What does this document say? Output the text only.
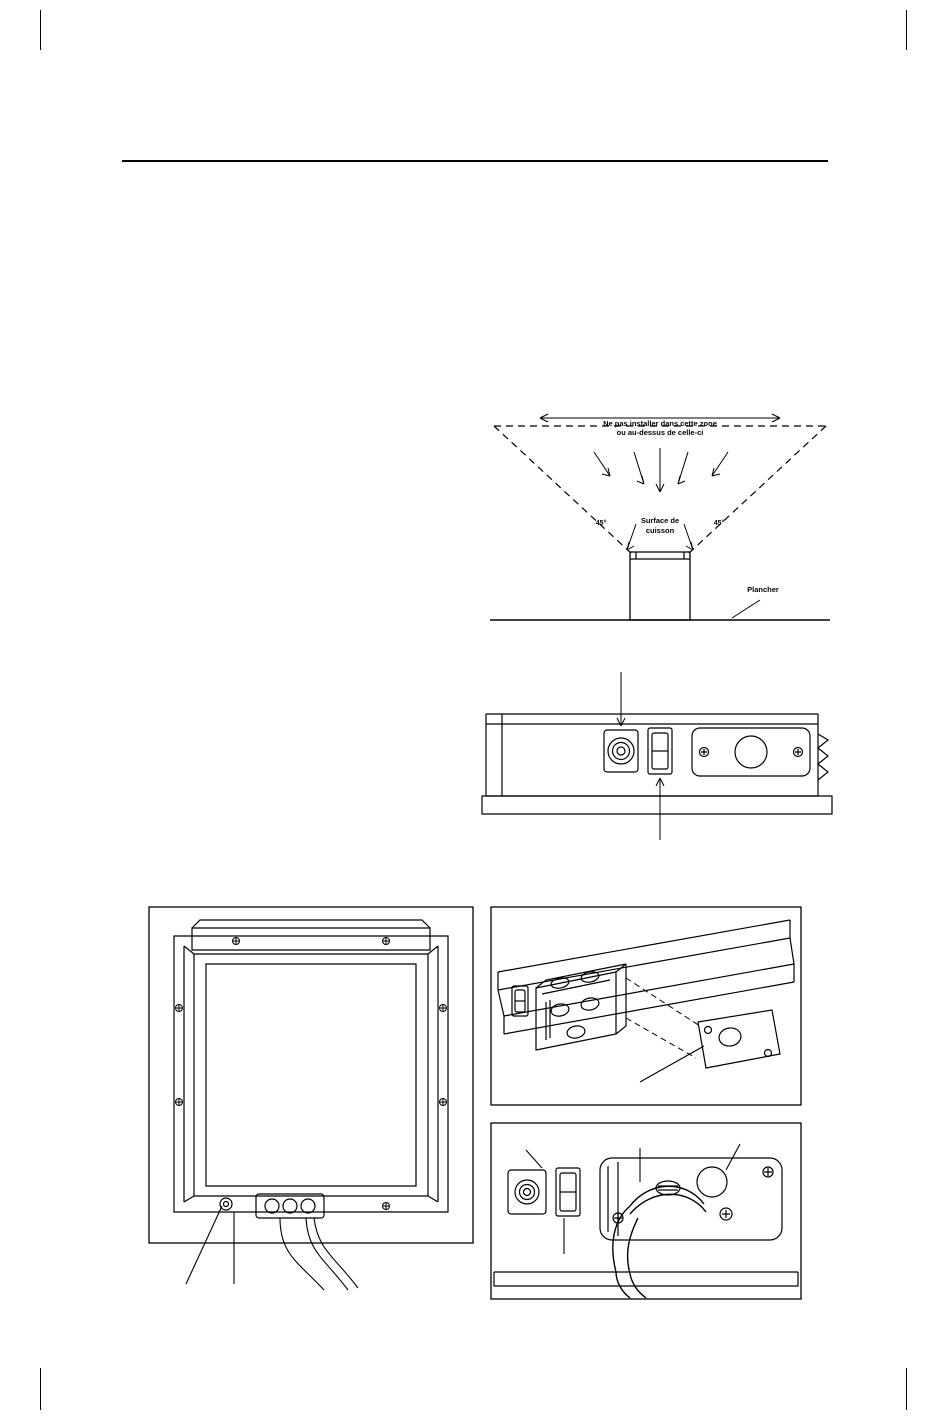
Ne pas installer dans cette zone
ou au-dessus de celle-ci
45°	45°
Surface de
cuisson
Plancher
